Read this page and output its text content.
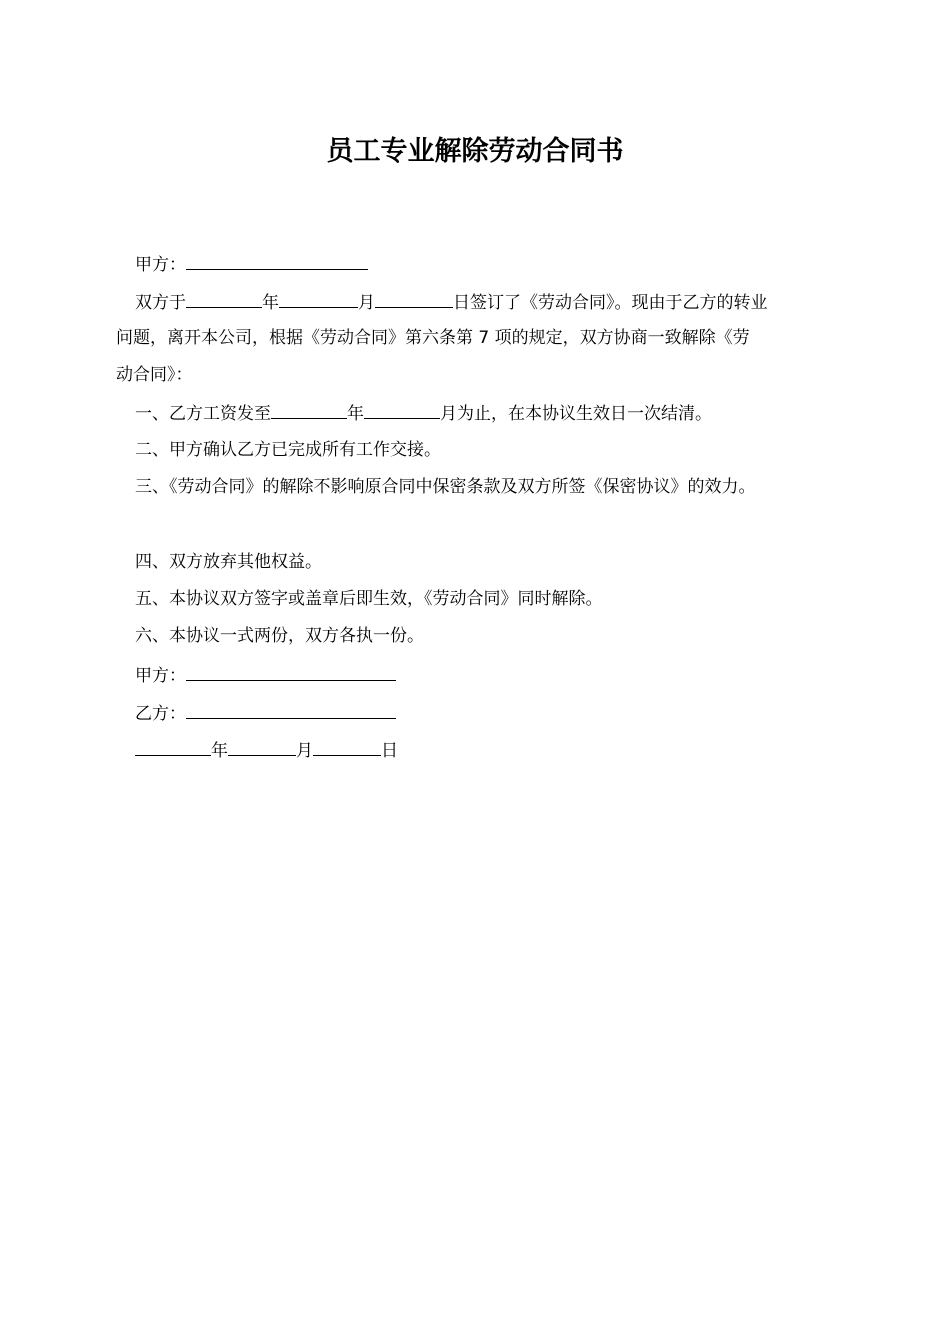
员工专业解除劳动合同书
甲方：
双方于	年	月	日签订了《劳动合同》。现由于乙方的转业
问题，离开本公司，根据《劳动合同》第六条第 7 项的规定，双方协商一致解除《劳
动合同》：
一、乙方工资发至	年	月为止，在本协议生效日一次结清。
二、甲方确认乙方已完成所有工作交接。
三、《劳动合同》的解除不影响原合同中保密条款及双方所签《保密协议》的效力。
四、双方放弃其他权益。
五、本协议双方签字或盖章后即生效，《劳动合同》同时解除。
六、本协议一式两份，双方各执一份。
甲方：
乙方：
年	月	日
